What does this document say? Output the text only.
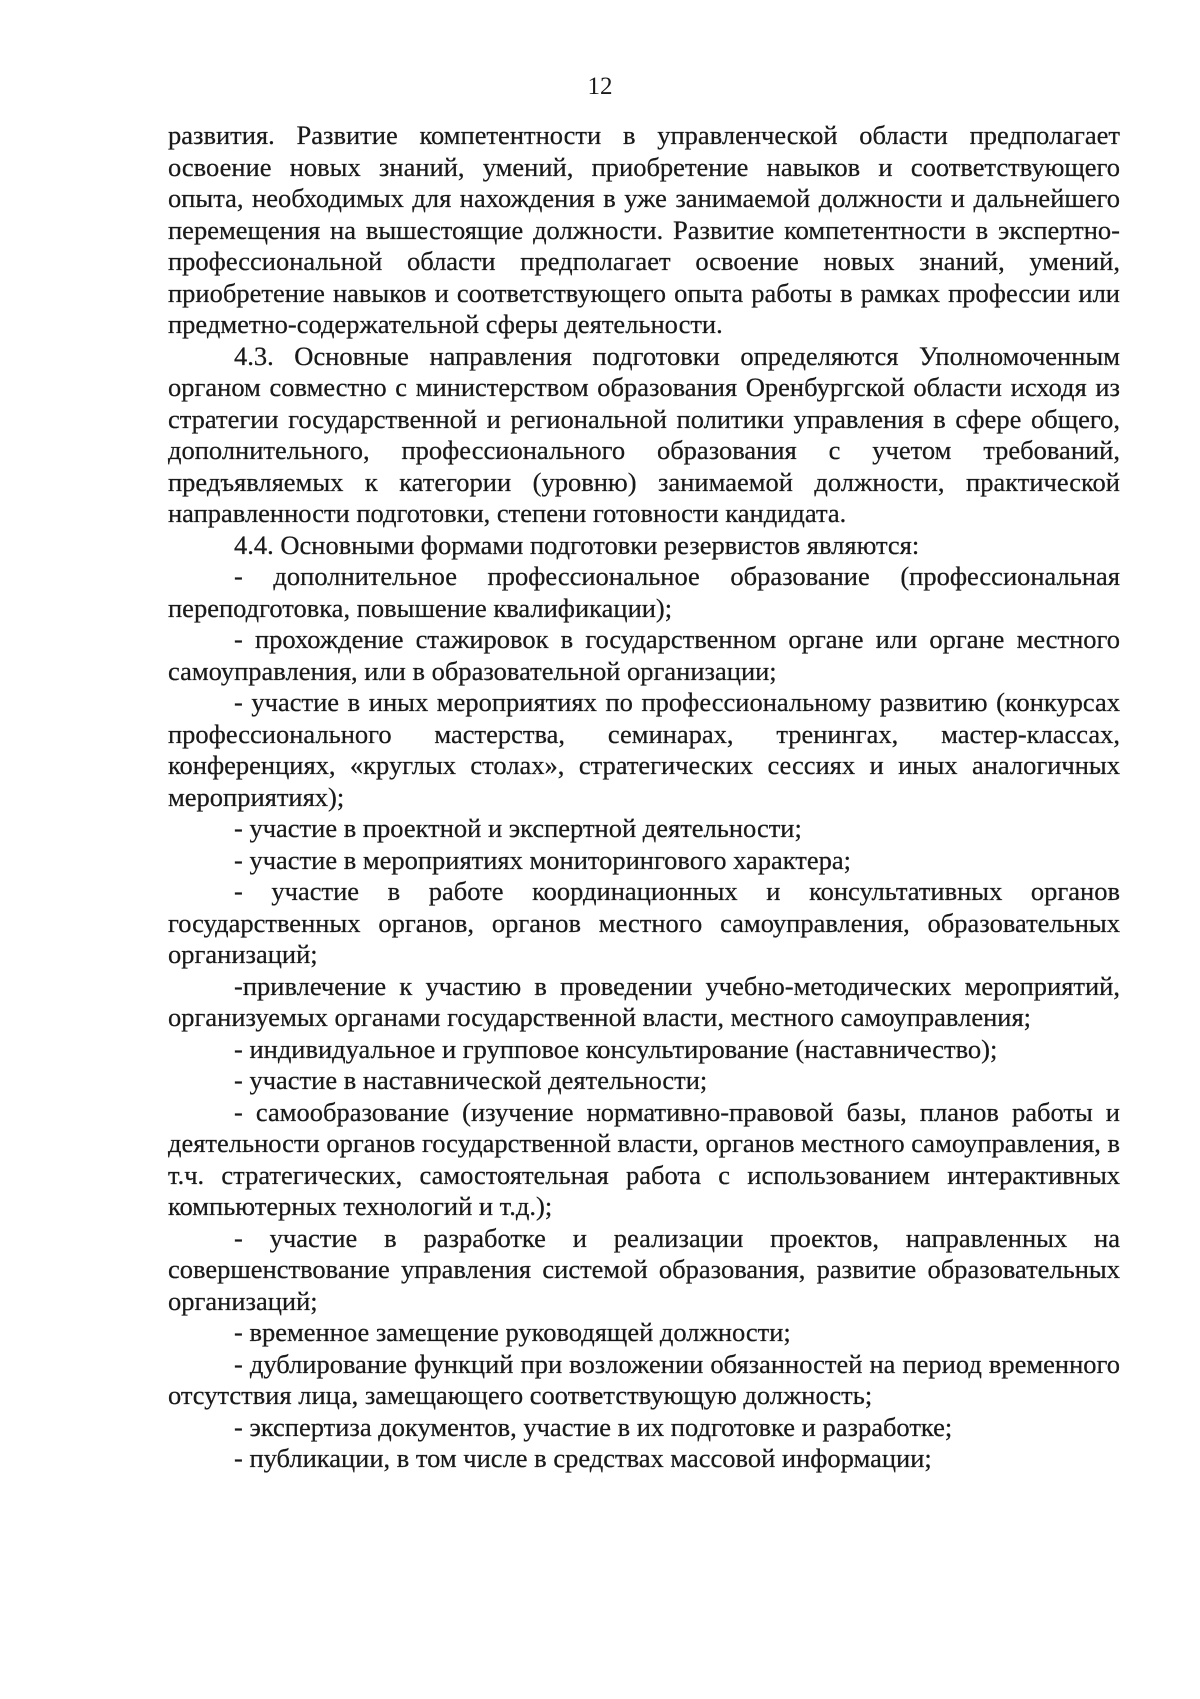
12

развития. Развитие компетентности в управленческой области предполагает освоение новых знаний, умений, приобретение навыков и соответствующего опыта, необходимых для нахождения в уже занимаемой должности и дальнейшего перемещения на вышестоящие должности. Развитие компетентности в экспертно-профессиональной области предполагает освоение новых знаний, умений, приобретение навыков и соответствующего опыта работы в рамках профессии или предметно-содержательной сферы деятельности.

4.3. Основные направления подготовки определяются Уполномоченным органом совместно с министерством образования Оренбургской области исходя из стратегии государственной и региональной политики управления в сфере общего, дополнительного, профессионального образования с учетом требований, предъявляемых к категории (уровню) занимаемой должности, практической направленности подготовки, степени готовности кандидата.

4.4. Основными формами подготовки резервистов являются:

- дополнительное профессиональное образование (профессиональная переподготовка, повышение квалификации);

- прохождение стажировок в государственном органе или органе местного самоуправления, или в образовательной организации;

- участие в иных мероприятиях по профессиональному развитию (конкурсах профессионального мастерства, семинарах, тренингах, мастер-классах, конференциях, «круглых столах», стратегических сессиях и иных аналогичных мероприятиях);

- участие в проектной и экспертной деятельности;

- участие в мероприятиях мониторингового характера;

- участие в работе координационных и консультативных органов государственных органов, органов местного самоуправления, образовательных организаций;

-привлечение к участию в проведении учебно-методических мероприятий, организуемых органами государственной власти, местного самоуправления;

- индивидуальное и групповое консультирование (наставничество);

- участие в наставнической деятельности;

- самообразование (изучение нормативно-правовой базы, планов работы и деятельности органов государственной власти, органов местного самоуправления, в т.ч. стратегических, самостоятельная работа с использованием интерактивных компьютерных технологий и т.д.);

- участие в разработке и реализации проектов, направленных на совершенствование управления системой образования, развитие образовательных организаций;

- временное замещение руководящей должности;

- дублирование функций при возложении обязанностей на период временного отсутствия лица, замещающего соответствующую должность;

- экспертиза документов, участие в их подготовке и разработке;

- публикации, в том числе в средствах массовой информации;
